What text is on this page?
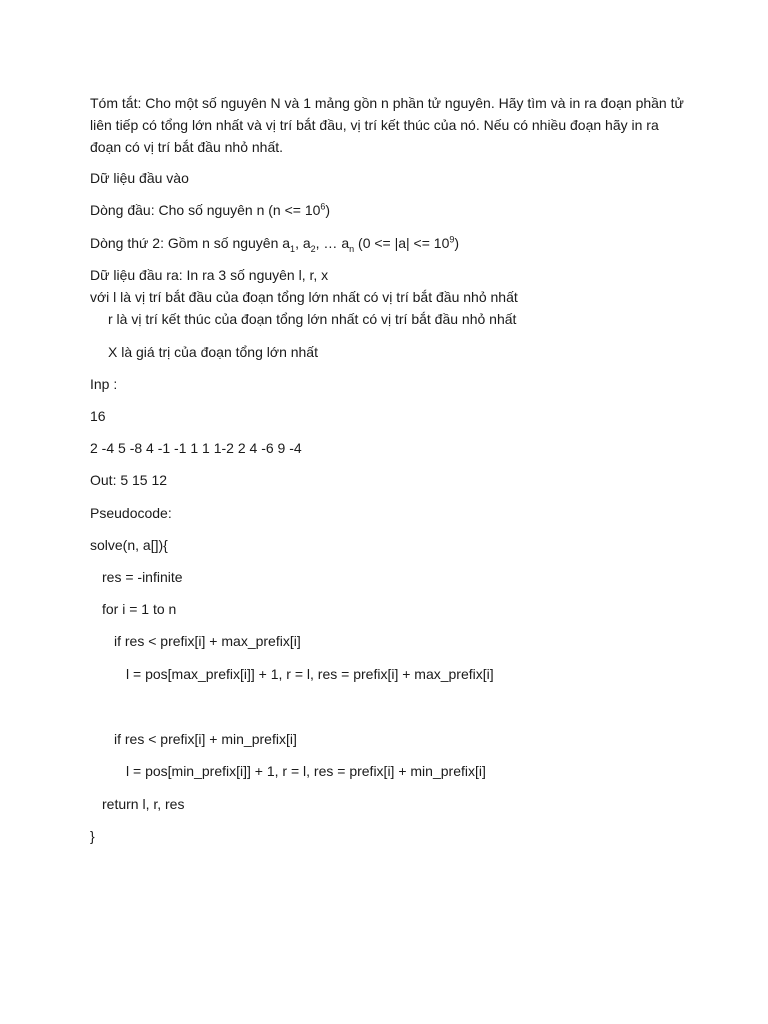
Tóm tắt: Cho một số nguyên N và 1 mảng gồn n phần tử nguyên. Hãy tìm và in ra đoạn phần tử liên tiếp có tổng lớn nhất và vị trí bắt đầu, vị trí kết thúc của nó. Nếu có nhiều đoạn hãy in ra đoạn có vị trí bắt đầu nhỏ nhất.
Dữ liệu đầu vào
Dòng đầu: Cho số nguyên n $(n <= 10^6)$
Dòng thứ 2: Gồm n số nguyên $a_1$, $a_2$, … $a_n$ $(0 <= |a| <= 10^9)$
Dữ liệu đầu ra: In ra 3 số nguyên l, r, x
với l là vị trí bắt đầu của đoạn tổng lớn nhất có vị trí bắt đầu nhỏ nhất
r là vị trí kết thúc của đoạn tổng lớn nhất có vị trí bắt đầu nhỏ nhất
X là giá trị của đoạn tổng lớn nhất
Inp :
16
2 -4 5 -8 4 -1 -1 1 1 1-2 2 4 -6 9 -4
Out: 5 15 12
Pseudocode:
solve(n, a[]){
res = -infinite
for i = 1 to n
if res < prefix[i] + max_prefix[i]
l = pos[max_prefix[i]] + 1, r = l, res = prefix[i] + max_prefix[i]
if res < prefix[i] + min_prefix[i]
l = pos[min_prefix[i]] + 1, r = l, res = prefix[i] + min_prefix[i]
return l, r, res
}
